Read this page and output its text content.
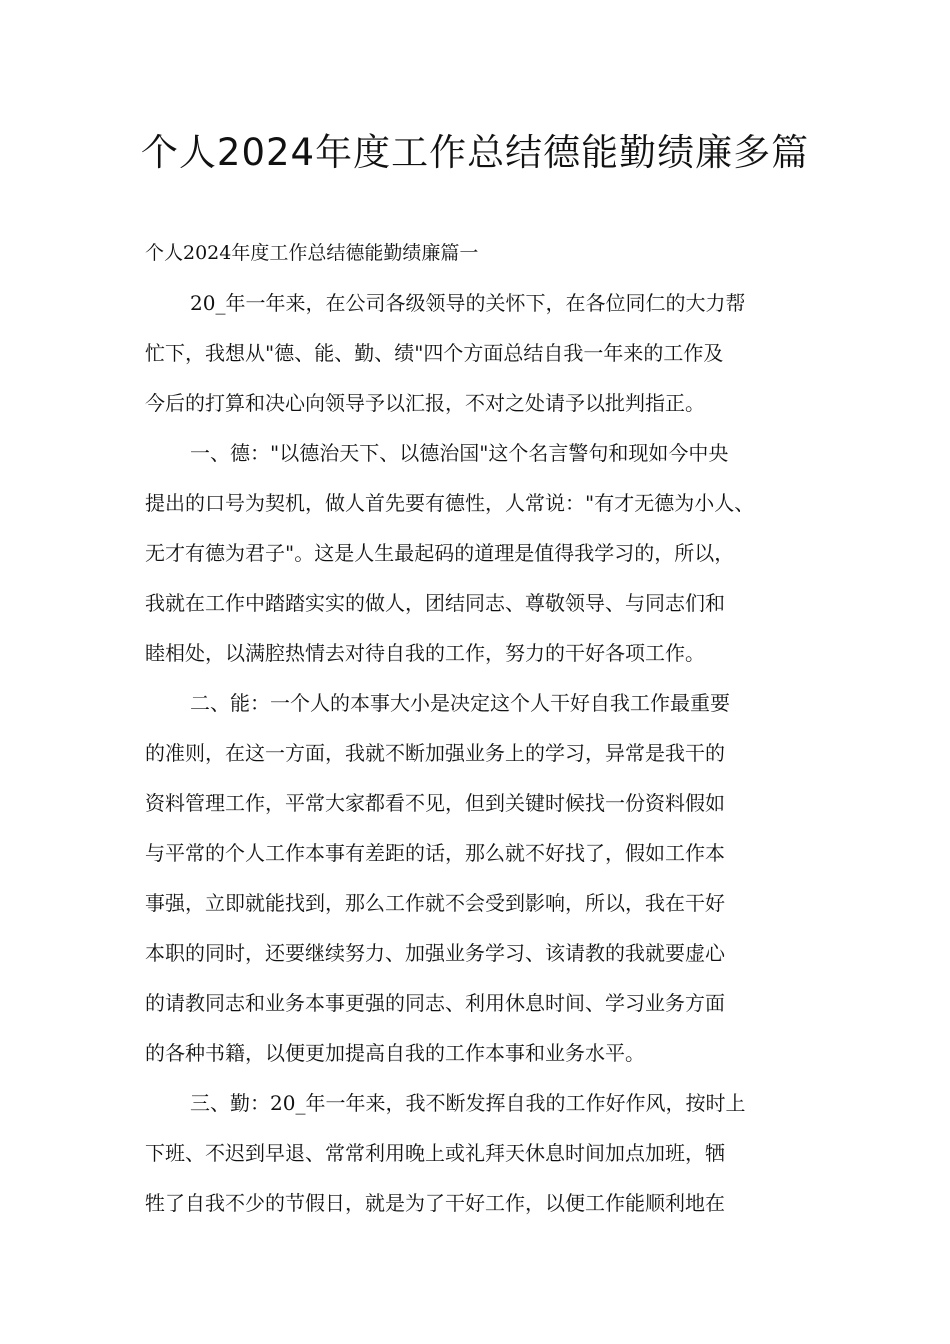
个人2024年度工作总结德能勤绩廉多篇

个人2024年度工作总结德能勤绩廉篇一

20_年一年来，在公司各级领导的关怀下，在各位同仁的大力帮

忙下，我想从"德、能、勤、绩"四个方面总结自我一年来的工作及

今后的打算和决心向领导予以汇报，不对之处请予以批判指正。

一、德："以德治天下、以德治国"这个名言警句和现如今中央

提出的口号为契机，做人首先要有德性，人常说："有才无德为小人、

无才有德为君子"。这是人生最起码的道理是值得我学习的，所以，

我就在工作中踏踏实实的做人，团结同志、尊敬领导、与同志们和

睦相处，以满腔热情去对待自我的工作，努力的干好各项工作。

二、能：一个人的本事大小是决定这个人干好自我工作最重要

的准则，在这一方面，我就不断加强业务上的学习，异常是我干的

资料管理工作，平常大家都看不见，但到关键时候找一份资料假如

与平常的个人工作本事有差距的话，那么就不好找了，假如工作本

事强，立即就能找到，那么工作就不会受到影响，所以，我在干好

本职的同时，还要继续努力、加强业务学习、该请教的我就要虚心

的请教同志和业务本事更强的同志、利用休息时间、学习业务方面

的各种书籍，以便更加提高自我的工作本事和业务水平。

三、勤：20_年一年来，我不断发挥自我的工作好作风，按时上

下班、不迟到早退、常常利用晚上或礼拜天休息时间加点加班，牺

牲了自我不少的节假日，就是为了干好工作，以便工作能顺利地在
